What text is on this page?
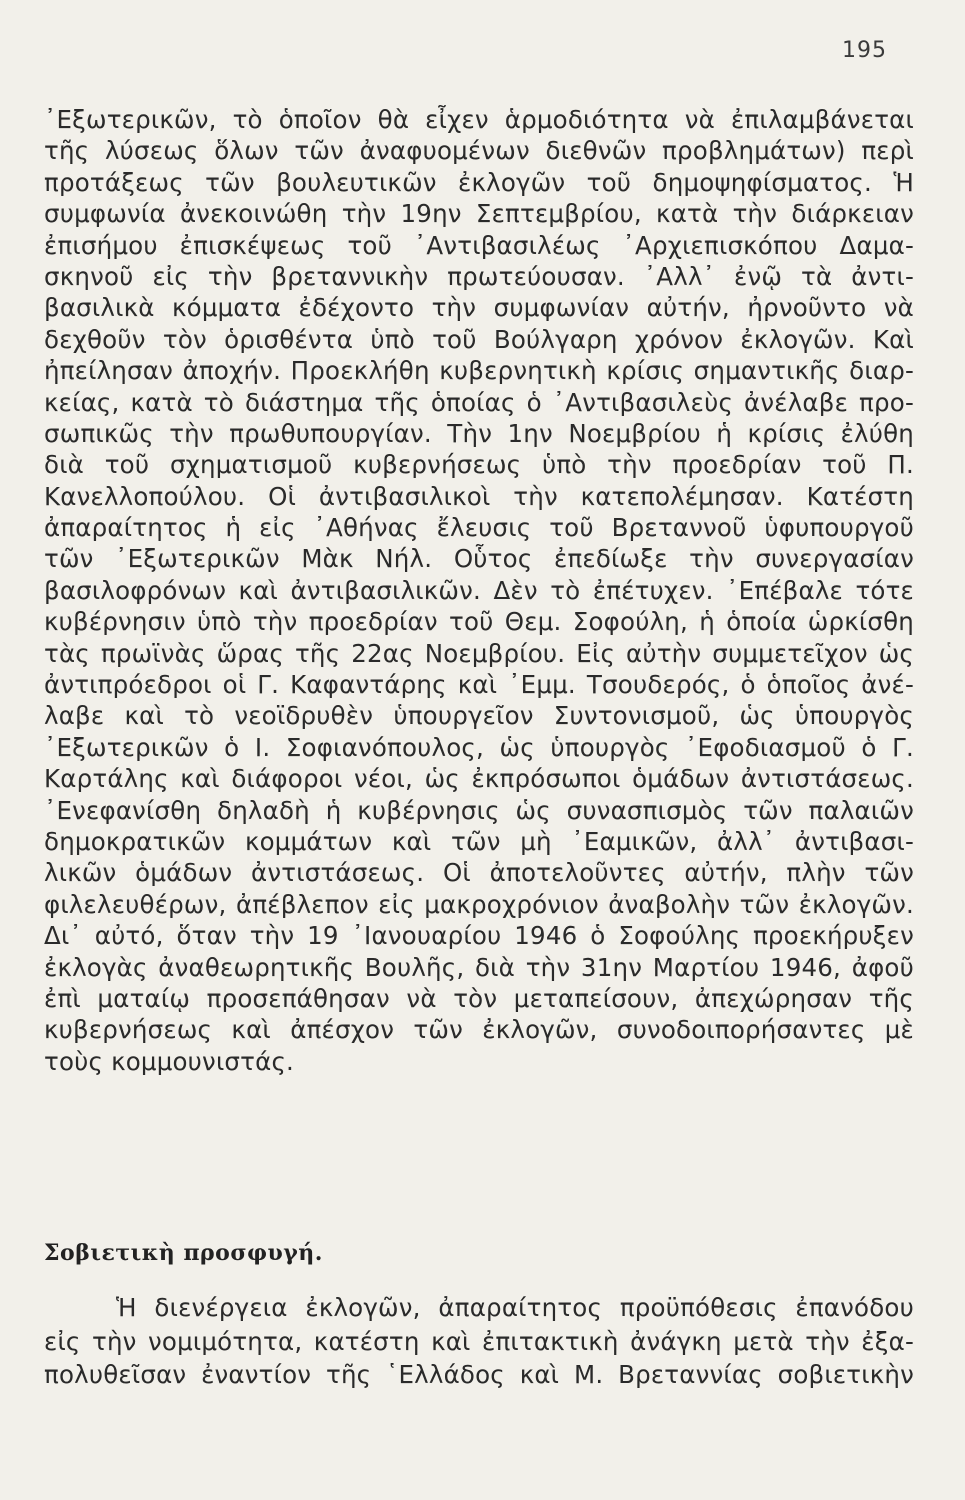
195
᾿Εξωτερικῶν, τὸ ὁποῖον θὰ εἶχεν ἁρμοδιότητα νὰ ἐπιλαμβάνεται
τῆς λύσεως ὅλων τῶν ἀναφυομένων διεθνῶν προβλημάτων) περὶ
προτάξεως τῶν βουλευτικῶν ἐκλογῶν τοῦ δημοψηφίσματος. Ἡ
συμφωνία ἀνεκοινώθη τὴν 19ην Σεπτεμβρίου, κατὰ τὴν διάρκειαν
ἐπισήμου ἐπισκέψεως τοῦ ᾿Αντιβασιλέως ᾿Αρχιεπισκόπου Δαμα-
σκηνοῦ εἰς τὴν βρεταννικὴν πρωτεύουσαν. ᾿Αλλ᾿ ἐνῷ τὰ ἀντι-
βασιλικὰ κόμματα ἐδέχοντο τὴν συμφωνίαν αὐτήν, ἠρνοῦντο νὰ
δεχθοῦν τὸν ὁρισθέντα ὑπὸ τοῦ Βούλγαρη χρόνον ἐκλογῶν. Καὶ
ἠπείλησαν ἀποχήν. Προεκλήθη κυβερνητικὴ κρίσις σημαντικῆς διαρ-
κείας, κατὰ τὸ διάστημα τῆς ὁποίας ὁ ᾿Αντιβασιλεὺς ἀνέλαβε προ-
σωπικῶς τὴν πρωθυπουργίαν. Τὴν 1ην Νοεμβρίου ἡ κρίσις ἐλύθη
διὰ τοῦ σχηματισμοῦ κυβερνήσεως ὑπὸ τὴν προεδρίαν τοῦ Π.
Κανελλοπούλου. Οἱ ἀντιβασιλικοὶ τὴν κατεπολέμησαν. Κατέστη
ἀπαραίτητος ἡ εἰς ᾿Αθήνας ἔλευσις τοῦ Βρεταννοῦ ὑφυπουργοῦ
τῶν ᾿Εξωτερικῶν Μὰκ Νήλ. Οὗτος ἐπεδίωξε τὴν συνεργασίαν
βασιλοφρόνων καὶ ἀντιβασιλικῶν. Δὲν τὸ ἐπέτυχεν. ᾿Επέβαλε τότε
κυβέρνησιν ὑπὸ τὴν προεδρίαν τοῦ Θεμ. Σοφούλη, ἡ ὁποία ὡρκίσθη
τὰς πρωϊνὰς ὥρας τῆς 22ας Νοεμβρίου. Εἰς αὐτὴν συμμετεῖχον ὡς
ἀντιπρόεδροι οἱ Γ. Καφαντάρης καὶ ᾿Εμμ. Τσουδερός, ὁ ὁποῖος ἀνέ-
λαβε καὶ τὸ νεοϊδρυθὲν ὑπουργεῖον Συντονισμοῦ, ὡς ὑπουργὸς
᾿Εξωτερικῶν ὁ Ι. Σοφιανόπουλος, ὡς ὑπουργὸς ᾿Εφοδιασμοῦ ὁ Γ.
Καρτάλης καὶ διάφοροι νέοι, ὡς ἐκπρόσωποι ὁμάδων ἀντιστάσεως.
᾿Ενεφανίσθη δηλαδὴ ἡ κυβέρνησις ὡς συνασπισμὸς τῶν παλαιῶν
δημοκρατικῶν κομμάτων καὶ τῶν μὴ ᾿Εαμικῶν, ἀλλ᾿ ἀντιβασι-
λικῶν ὁμάδων ἀντιστάσεως. Οἱ ἀποτελοῦντες αὐτήν, πλὴν τῶν
φιλελευθέρων, ἀπέβλεπον εἰς μακροχρόνιον ἀναβολὴν τῶν ἐκλογῶν.
Δι᾿ αὐτό, ὅταν τὴν 19 ᾿Ιανουαρίου 1946 ὁ Σοφούλης προεκήρυξεν
ἐκλογὰς ἀναθεωρητικῆς Βουλῆς, διὰ τὴν 31ην Μαρτίου 1946, ἀφοῦ
ἐπὶ ματαίῳ προσεπάθησαν νὰ τὸν μεταπείσουν, ἀπεχώρησαν τῆς
κυβερνήσεως καὶ ἀπέσχον τῶν ἐκλογῶν, συνοδοιπορήσαντες μὲ
τοὺς κομμουνιστάς.
Σοβιετικὴ προσφυγή.
Ἡ διενέργεια ἐκλογῶν, ἀπαραίτητος προϋπόθεσις ἐπανόδου
εἰς τὴν νομιμότητα, κατέστη καὶ ἐπιτακτικὴ ἀνάγκη μετὰ τὴν ἐξα-
πολυθεῖσαν ἐναντίον τῆς ῾Ελλάδος καὶ Μ. Βρεταννίας σοβιετικὴν
